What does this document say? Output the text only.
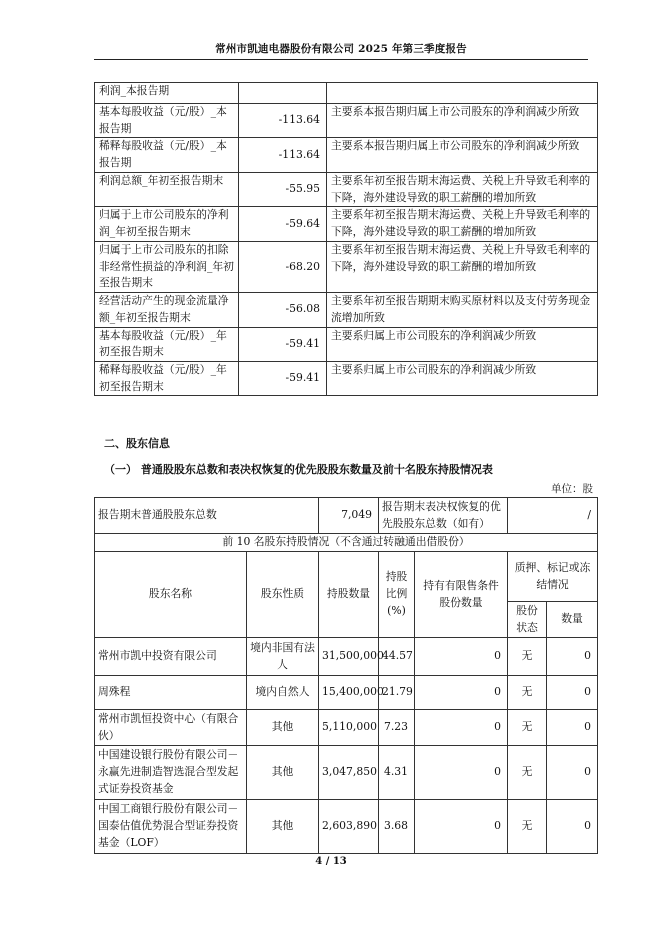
常州市凯迪电器股份有限公司 2025 年第三季度报告
利润_本报告期		
基本每股收益（元/股）_本报告期	-113.64	主要系本报告期归属上市公司股东的净利润减少所致
稀释每股收益（元/股）_本报告期	-113.64	主要系本报告期归属上市公司股东的净利润减少所致
利润总额_年初至报告期末	-55.95	主要系年初至报告期末海运费、关税上升导致毛利率的下降，海外建设导致的职工薪酬的增加所致
归属于上市公司股东的净利润_年初至报告期末	-59.64	主要系年初至报告期末海运费、关税上升导致毛利率的下降，海外建设导致的职工薪酬的增加所致
归属于上市公司股东的扣除非经常性损益的净利润_年初至报告期末	-68.20	主要系年初至报告期末海运费、关税上升导致毛利率的下降，海外建设导致的职工薪酬的增加所致
经营活动产生的现金流量净额_年初至报告期末	-56.08	主要系年初至报告期期末购买原材料以及支付劳务现金流增加所致
基本每股收益（元/股）_年初至报告期末	-59.41	主要系归属上市公司股东的净利润减少所致
稀释每股收益（元/股）_年初至报告期末	-59.41	主要系归属上市公司股东的净利润减少所致
二、股东信息
（一） 普通股股东总数和表决权恢复的优先股股东数量及前十名股东持股情况表
单位：股
报告期末普通股股东总数		7,049	报告期末表决权恢复的优先股股东总数（如有）		/	
前 10 名股东持股情况（不含通过转融通出借股份）						
股东名称	股东性质	持股数量	持股比例(%)	持有有限售条件股份数量	质押、标记或冻结情况	
					股份状态	数量
常州市凯中投资有限公司	境内非国有法人	31,500,000	44.57	0	无	0
周殊程	境内自然人	15,400,000	21.79	0	无	0
常州市凯恒投资中心（有限合伙）	其他	5,110,000	7.23	0	无	0
中国建设银行股份有限公司－永赢先进制造智选混合型发起式证券投资基金	其他	3,047,850	4.31	0	无	0
中国工商银行股份有限公司－国泰估值优势混合型证券投资基金（LOF）	其他	2,603,890	3.68	0	无	0
4 / 13
